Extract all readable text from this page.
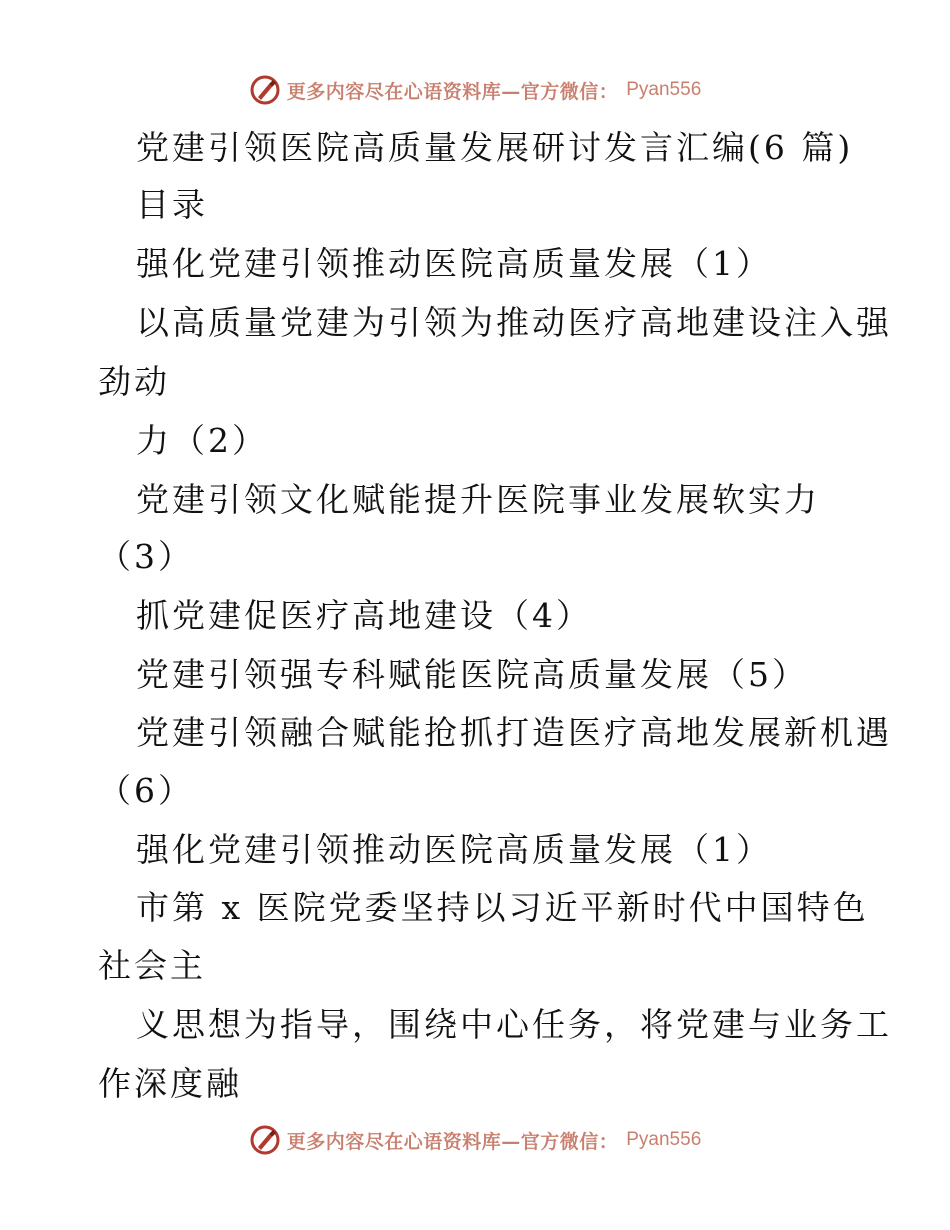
更多内容尽在心语资料库—官方微信： Pyan556
党建引领医院高质量发展研讨发言汇编(6 篇)
目录
强化党建引领推动医院高质量发展（1）
以高质量党建为引领为推动医疗高地建设注入强
劲动
力（2）
党建引领文化赋能提升医院事业发展软实力
（3）
抓党建促医疗高地建设（4）
党建引领强专科赋能医院高质量发展（5）
党建引领融合赋能抢抓打造医疗高地发展新机遇
（6）
强化党建引领推动医院高质量发展（1）
市第 x 医院党委坚持以习近平新时代中国特色
社会主
义思想为指导，围绕中心任务，将党建与业务工
作深度融
更多内容尽在心语资料库—官方微信： Pyan556
